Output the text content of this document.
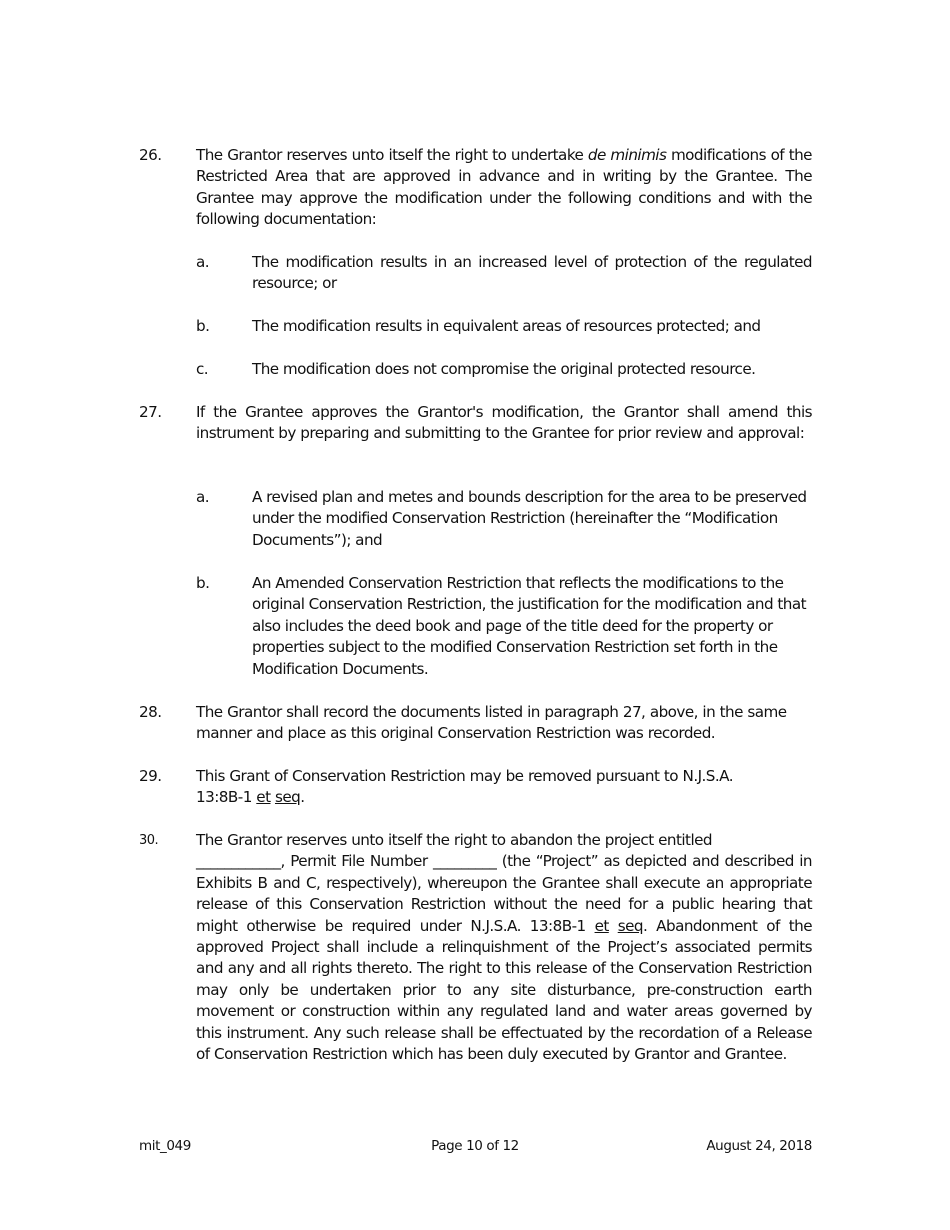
26. The Grantor reserves unto itself the right to undertake de minimis modifications of the Restricted Area that are approved in advance and in writing by the Grantee. The Grantee may approve the modification under the following conditions and with the following documentation:
a.	The modification results in an increased level of protection of the regulated resource; or
b.	The modification results in equivalent areas of resources protected; and
c.	The modification does not compromise the original protected resource.
27. If the Grantee approves the Grantor's modification, the Grantor shall amend this instrument by preparing and submitting to the Grantee for prior review and approval:
a.	A revised plan and metes and bounds description for the area to be preserved under the modified Conservation Restriction (hereinafter the “Modification Documents”); and
b.	An Amended Conservation Restriction that reflects the modifications to the original Conservation Restriction, the justification for the modification and that also includes the deed book and page of the title deed for the property or properties subject to the modified Conservation Restriction set forth in the Modification Documents.
28. The Grantor shall record the documents listed in paragraph 27, above, in the same manner and place as this original Conservation Restriction was recorded.
29. This Grant of Conservation Restriction may be removed pursuant to N.J.S.A. 13:8B-1 et seq.
30. The Grantor reserves unto itself the right to abandon the project entitled
____________, Permit File Number _________ (the “Project” as depicted and described in Exhibits B and C, respectively), whereupon the Grantee shall execute an appropriate release of this Conservation Restriction without the need for a public hearing that might otherwise be required under N.J.S.A. 13:8B-1 et seq. Abandonment of the approved Project shall include a relinquishment of the Project’s associated permits and any and all rights thereto. The right to this release of the Conservation Restriction may only be undertaken prior to any site disturbance, pre-construction earth movement or construction within any regulated land and water areas governed by this instrument. Any such release shall be effectuated by the recordation of a Release of Conservation Restriction which has been duly executed by Grantor and Grantee.
mit_049	Page 10 of 12	August 24, 2018
